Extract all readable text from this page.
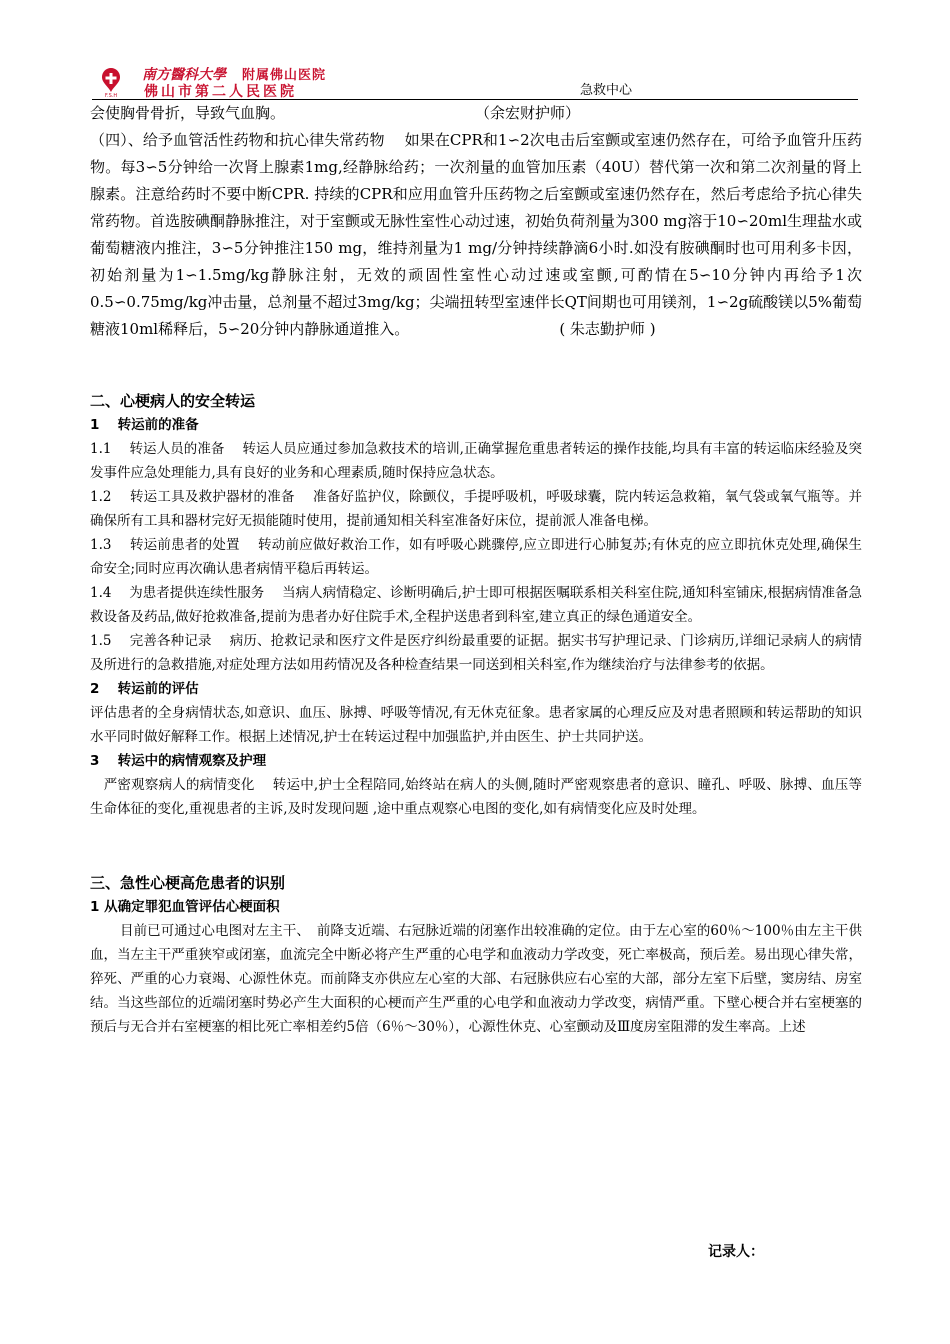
F.S.H
南方醫科大學 附属佛山医院
佛山市第二人民医院	急救中心

会使胸骨骨折，导致气血胸。	（余宏财护师）

（四）、给予血管活性药物和抗心律失常药物　 如果在CPR和1∽2次电击后室颤或室速仍然存在，可给予血管升压药物。每3∽5分钟给一次肾上腺素1mg,经静脉给药；一次剂量的血管加压素（40U）替代第一次和第二次剂量的肾上腺素。注意给药时不要中断CPR. 持续的CPR和应用血管升压药物之后室颤或室速仍然存在，然后考虑给予抗心律失常药物。首选胺碘酮静脉推注，对于室颤或无脉性室性心动过速，初始负荷剂量为300 mg溶于10∽20ml生理盐水或葡萄糖液内推注，3∽5分钟推注150 mg，维持剂量为1 mg/分钟持续静滴6小时.如没有胺碘酮时也可用利多卡因， 初始剂量为1∽1.5mg/kg静脉注射，无效的顽固性室性心动过速或室颤,可酌情在5∽10分钟内再给予1次0.5∽0.75mg/kg冲击量，总剂量不超过3mg/kg；尖端扭转型室速伴长QT间期也可用镁剂，1∽2g硫酸镁以5%葡萄糖液10ml稀释后，5∽20分钟内静脉通道推入。	( 朱志勤护师 )

二、心梗病人的安全转运
1　 转运前的准备

1.1　 转运人员的准备　 转运人员应通过参加急救技术的培训,正确掌握危重患者转运的操作技能,均具有丰富的转运临床经验及突发事件应急处理能力,具有良好的业务和心理素质,随时保持应急状态。

1.2　 转运工具及救护器材的准备　 准备好监护仪，除颤仪，手提呼吸机，呼吸球囊，院内转运急救箱，氧气袋或氧气瓶等。并确保所有工具和器材完好无损能随时使用，提前通知相关科室准备好床位，提前派人准备电梯。

1.3　 转运前患者的处置　 转动前应做好救治工作，如有呼吸心跳骤停,应立即进行心肺复苏;有休克的应立即抗休克处理,确保生命安全;同时应再次确认患者病情平稳后再转运。

1.4　 为患者提供连续性服务　 当病人病情稳定、诊断明确后,护士即可根据医嘱联系相关科室住院,通知科室铺床,根据病情准备急救设备及药品,做好抢救准备,提前为患者办好住院手术,全程护送患者到科室,建立真正的绿色通道安全。

1.5　 完善各种记录　 病历、抢救记录和医疗文件是医疗纠纷最重要的证据。据实书写护理记录、门诊病历,详细记录病人的病情及所进行的急救措施,对症处理方法如用药情况及各种检查结果一同送到相关科室,作为继续治疗与法律参考的依据。

2　 转运前的评估

评估患者的全身病情状态,如意识、血压、脉搏、呼吸等情况,有无休克征象。患者家属的心理反应及对患者照顾和转运帮助的知识水平同时做好解释工作。根据上述情况,护士在转运过程中加强监护,并由医生、护士共同护送。

3　 转运中的病情观察及护理

　严密观察病人的病情变化　 转运中,护士全程陪同,始终站在病人的头侧,随时严密观察患者的意识、瞳孔、呼吸、脉搏、血压等生命体征的变化,重视患者的主诉,及时发现问题 ,途中重点观察心电图的变化,如有病情变化应及时处理。

三、急性心梗高危患者的识别
1 从确定罪犯血管评估心梗面积

目前已可通过心电图对左主干、　前降支近端、右冠脉近端的闭塞作出较准确的定位。由于左心室的60％～100％由左主干供血，当左主干严重狭窄或闭塞，血流完全中断必将产生严重的心电学和血液动力学改变，死亡率极高，预后差。易出现心律失常，猝死、严重的心力衰竭、心源性休克。而前降支亦供应左心室的大部、右冠脉供应右心室的大部，部分左室下后壁，窦房结、房室结。当这些部位的近端闭塞时势必产生大面积的心梗而产生严重的心电学和血液动力学改变，病情严重。下壁心梗合并右室梗塞的预后与无合并右室梗塞的相比死亡率相差约5倍（6％～30％），心源性休克、心室颤动及Ⅲ度房室阻滞的发生率高。上述

记录人：
